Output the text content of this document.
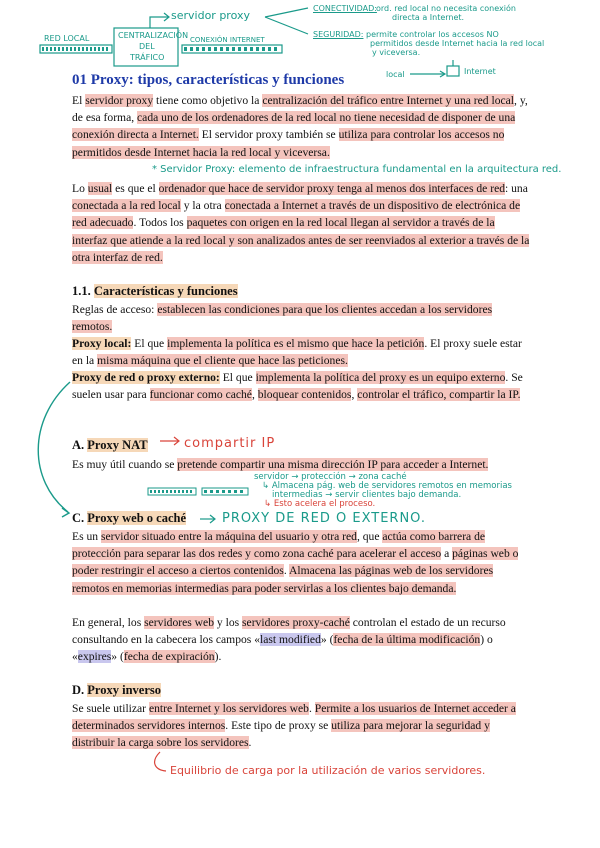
RED LOCAL	CENTRALIZACIÓN
DEL
TRÁFICO
CONEXIÓN INTERNET
servidor proxy
CONECTIVIDAD: ord. red local no necesita conexión
directa a Internet.
SEGURIDAD: permite controlar los accesos NO
permitidos desde Internet hacia la red local
y viceversa.
local	Internet
01 Proxy: tipos, características y funciones
El servidor proxy tiene como objetivo la centralización del tráfico entre Internet y una red local, y, de esa forma, cada uno de los ordenadores de la red local no tiene necesidad de disponer de una conexión directa a Internet. El servidor proxy también se utiliza para controlar los accesos no permitidos desde Internet hacia la red local y viceversa.
* Servidor Proxy: elemento de infraestructura fundamental en la arquitectura red.
Lo usual es que el ordenador que hace de servidor proxy tenga al menos dos interfaces de red: una conectada a la red local y la otra conectada a Internet a través de un dispositivo de electrónica de red adecuado. Todos los paquetes con origen en la red local llegan al servidor a través de la interfaz que atiende a la red local y son analizados antes de ser reenviados al exterior a través de la otra interfaz de red.
1.1. Características y funciones
Reglas de acceso: establecen las condiciones para que los clientes accedan a los servidores remotos.
Proxy local: El que implementa la política es el mismo que hace la petición. El proxy suele estar en la misma máquina que el cliente que hace las peticiones.
Proxy de red o proxy externo: El que implementa la política del proxy es un equipo externo. Se suelen usar para funcionar como caché, bloquear contenidos, controlar el tráfico, compartir la IP.
A. Proxy NAT	compartir IP
Es muy útil cuando se pretende compartir una misma dirección IP para acceder a Internet.
servidor → protección → zona caché
↳ Almacena pág. web de servidores remotos en memorias
intermedias → servir clientes bajo demanda.
↳ Esto acelera el proceso.
C. Proxy web o caché	PROXY DE RED O EXTERNO.
Es un servidor situado entre la máquina del usuario y otra red, que actúa como barrera de protección para separar las dos redes y como zona caché para acelerar el acceso a páginas web o poder restringir el acceso a ciertos contenidos. Almacena las páginas web de los servidores remotos en memorias intermedias para poder servirlas a los clientes bajo demanda.
En general, los servidores web y los servidores proxy-caché controlan el estado de un recurso consultando en la cabecera los campos «last modified» (fecha de la última modificación) o «expires» (fecha de expiración).
D. Proxy inverso
Se suele utilizar entre Internet y los servidores web. Permite a los usuarios de Internet acceder a determinados servidores internos. Este tipo de proxy se utiliza para mejorar la seguridad y distribuir la carga sobre los servidores.
Equilibrio de carga por la utilización de varios servidores.
